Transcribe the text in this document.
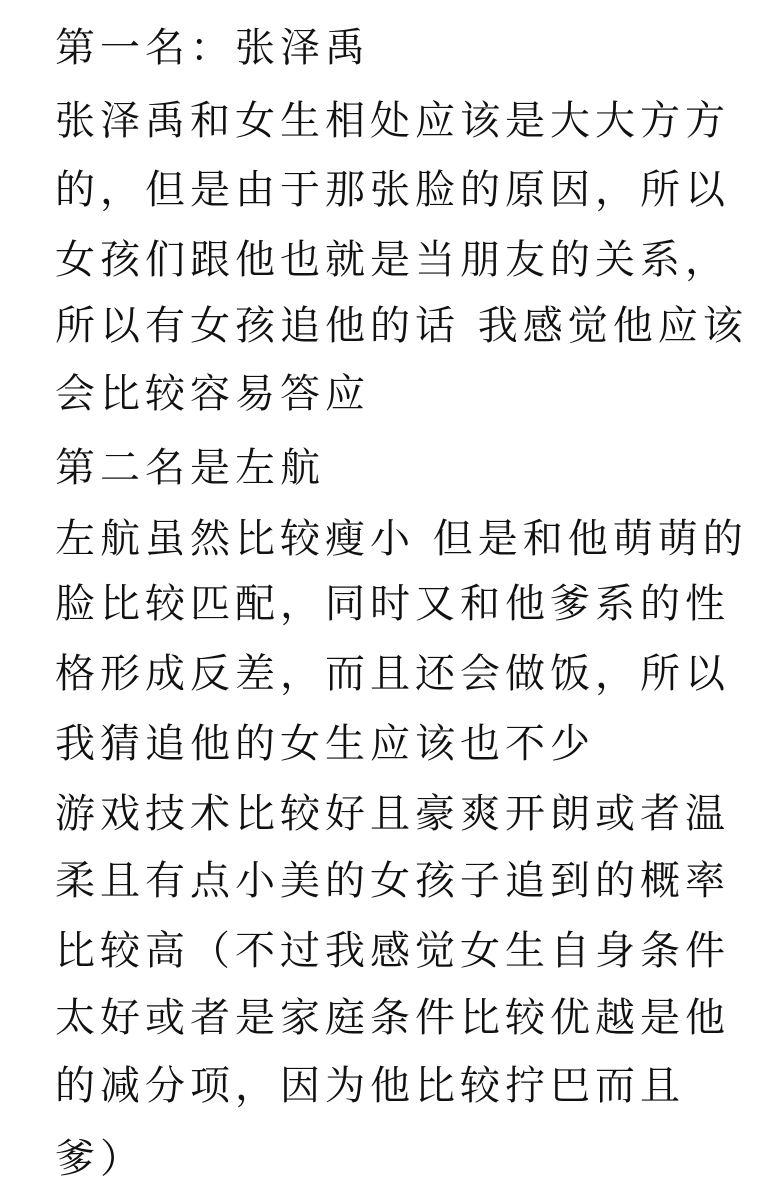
第一名：张泽禹
张泽禹和女生相处应该是大大方方
的，但是由于那张脸的原因，所以
女孩们跟他也就是当朋友的关系，
所以有女孩追他的话 我感觉他应该
会比较容易答应
第二名是左航
左航虽然比较瘦小 但是和他萌萌的
脸比较匹配，同时又和他爹系的性
格形成反差，而且还会做饭，所以
我猜追他的女生应该也不少
游戏技术比较好且豪爽开朗或者温
柔且有点小美的女孩子追到的概率
比较高（不过我感觉女生自身条件
太好或者是家庭条件比较优越是他
的减分项，因为他比较拧巴而且
爹）
